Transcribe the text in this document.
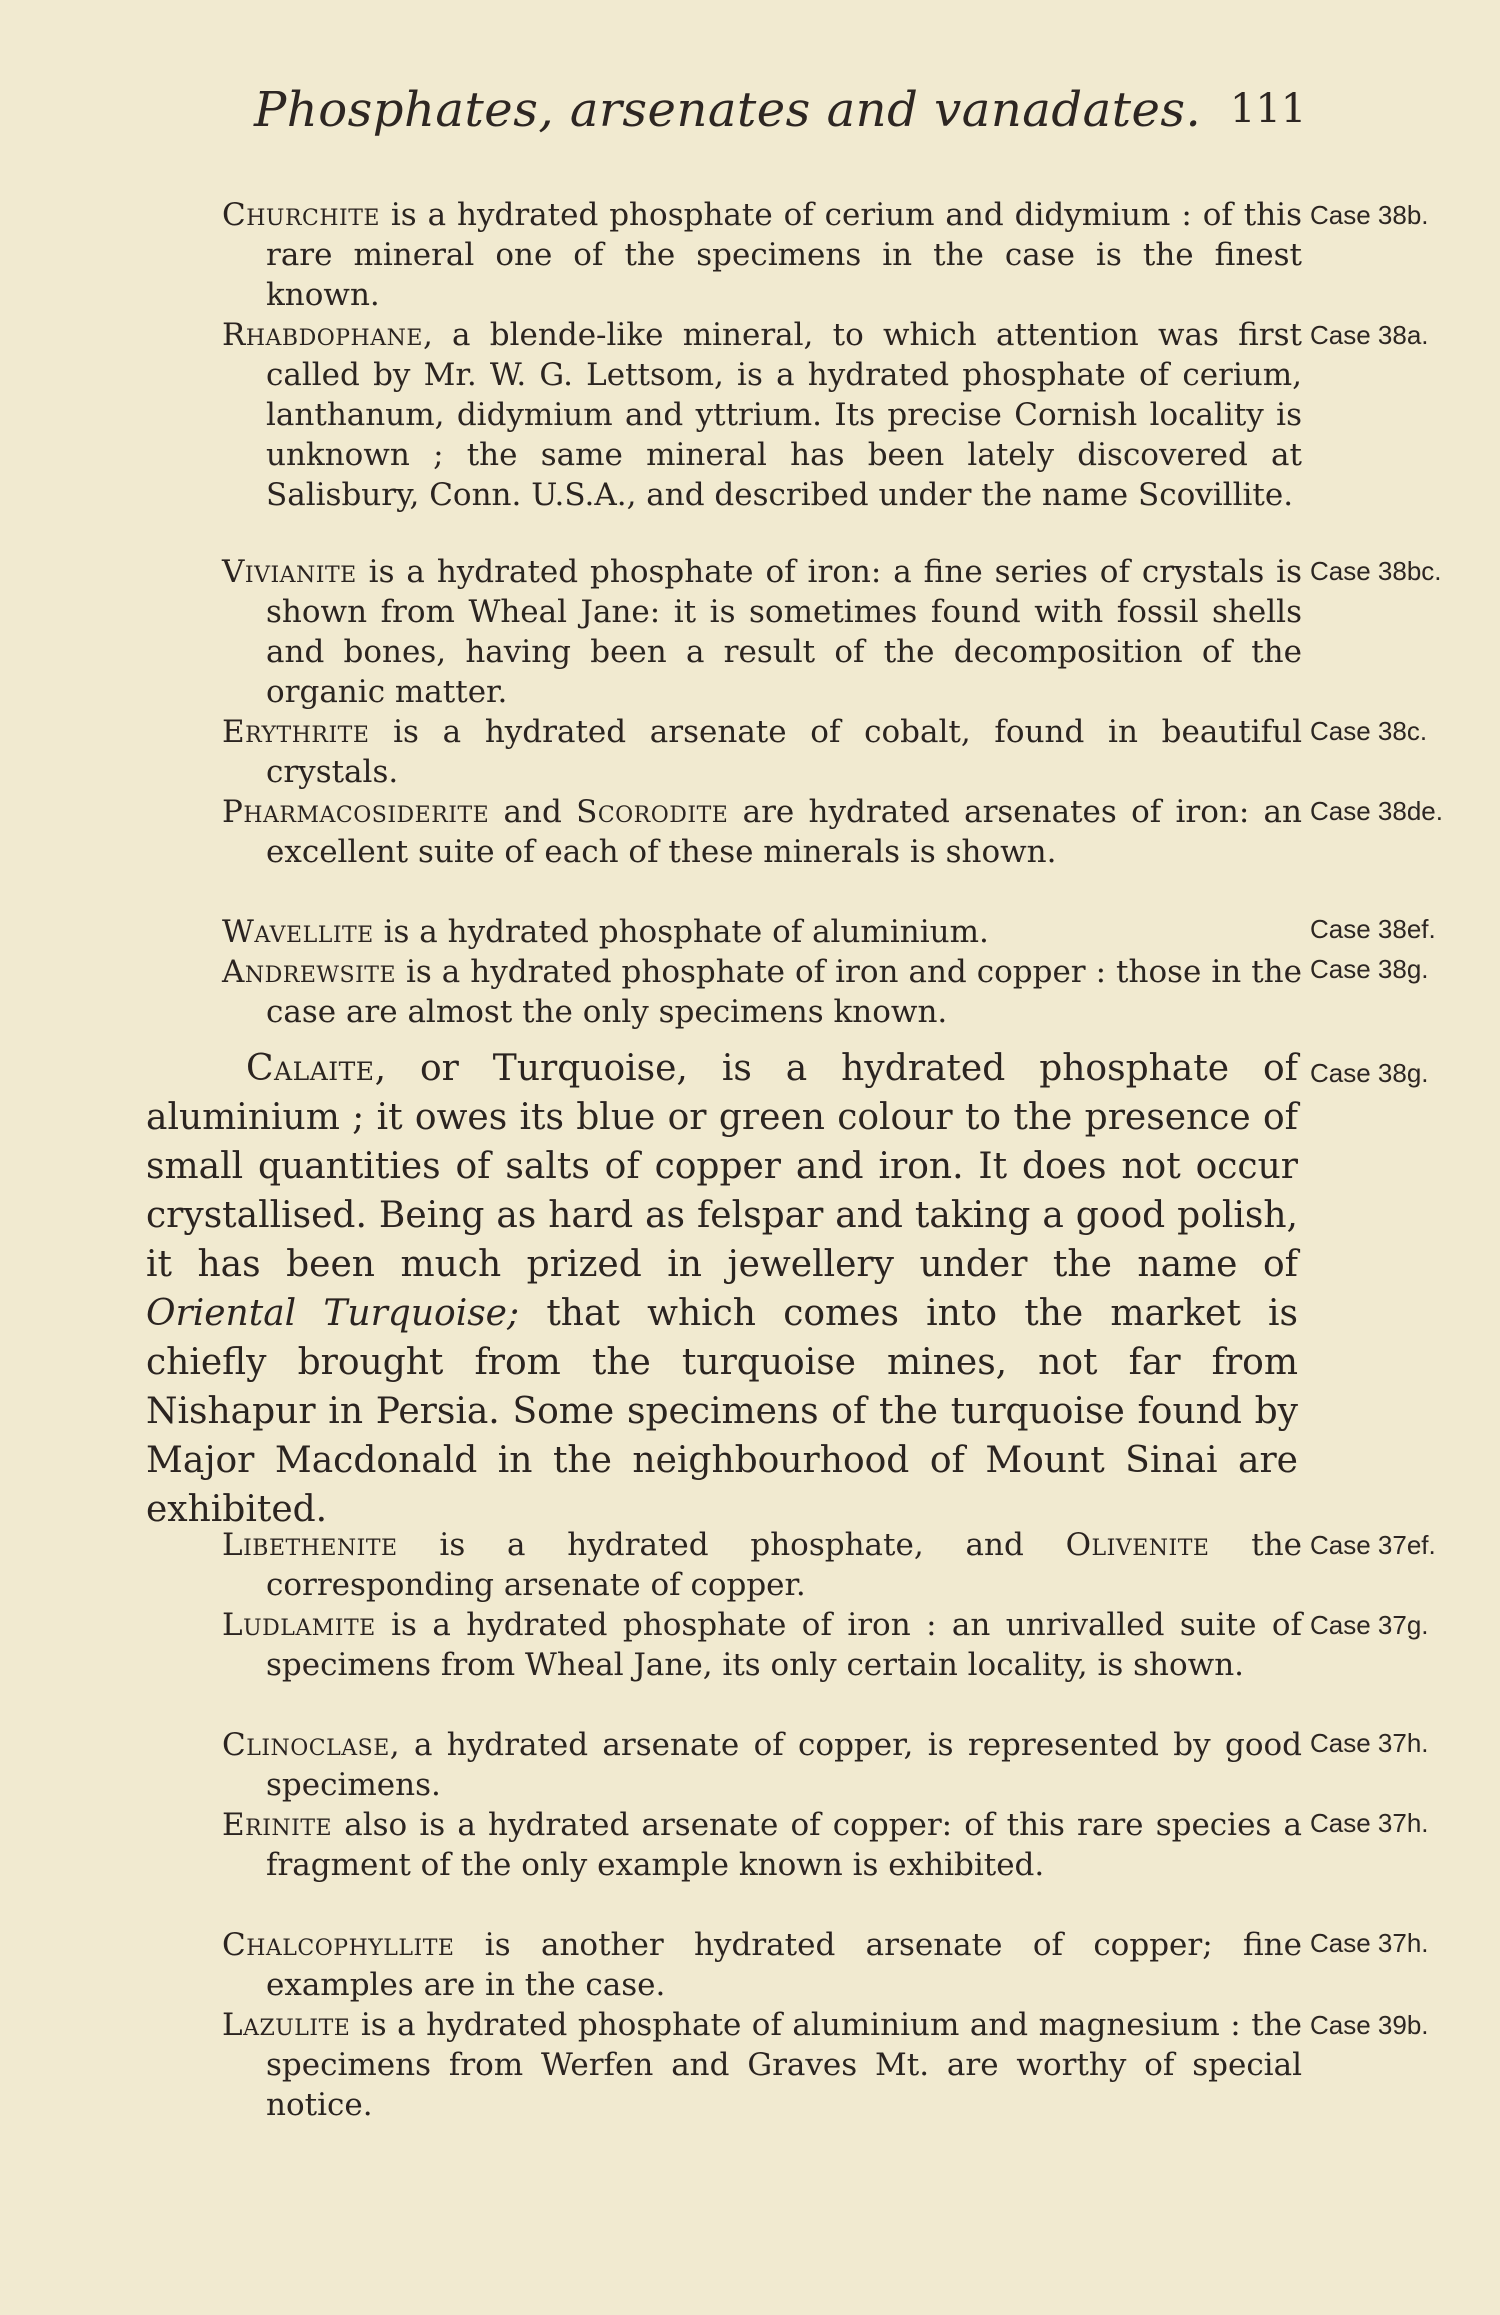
Phosphates, arsenates and vanadates. 111
Churchite is a hydrated phosphate of cerium and didymium : of this rare mineral one of the specimens in the case is the finest known.
Case 38b.
Rhabdophane, a blende-like mineral, to which attention was first called by Mr. W. G. Lettsom, is a hydrated phosphate of cerium, lanthanum, didymium and yttrium. Its precise Cornish locality is unknown ; the same mineral has been lately discovered at Salisbury, Conn. U.S.A., and described under the name Scovillite.
Case 38a.
Vivianite is a hydrated phosphate of iron: a fine series of crystals is shown from Wheal Jane: it is sometimes found with fossil shells and bones, having been a result of the decomposition of the organic matter.
Case 38bc.
Erythrite is a hydrated arsenate of cobalt, found in beautiful crystals.
Case 38c.
Pharmacosiderite and Scorodite are hydrated arsenates of iron: an excellent suite of each of these minerals is shown.
Case 38de.
Wavellite is a hydrated phosphate of aluminium.	Case 38ef.
Andrewsite is a hydrated phosphate of iron and copper : those in the case are almost the only specimens known.
Case 38g.

Calaite, or Turquoise, is a hydrated phosphate of aluminium ; it owes its blue or green colour to the presence of small quantities of salts of copper and iron. It does not occur crystallised. Being as hard as felspar and taking a good polish, it has been much prized in jewellery under the name of Oriental Turquoise; that which comes into the market is chiefly brought from the turquoise mines, not far from Nishapur in Persia. Some specimens of the turquoise found by Major Macdonald in the neighbourhood of Mount Sinai are exhibited.

Case 38g.
Libethenite is a hydrated phosphate, and Olivenite the corresponding arsenate of copper.
Case 37ef.
Ludlamite is a hydrated phosphate of iron : an unrivalled suite of specimens from Wheal Jane, its only certain locality, is shown.
Case 37g.
Clinoclase, a hydrated arsenate of copper, is represented by good specimens.
Case 37h.
Erinite also is a hydrated arsenate of copper: of this rare species a fragment of the only example known is exhibited.
Case 37h.
Chalcophyllite is another hydrated arsenate of copper; fine examples are in the case.
Case 37h.
Lazulite is a hydrated phosphate of aluminium and magnesium : the specimens from Werfen and Graves Mt. are worthy of special notice.
Case 39b.
